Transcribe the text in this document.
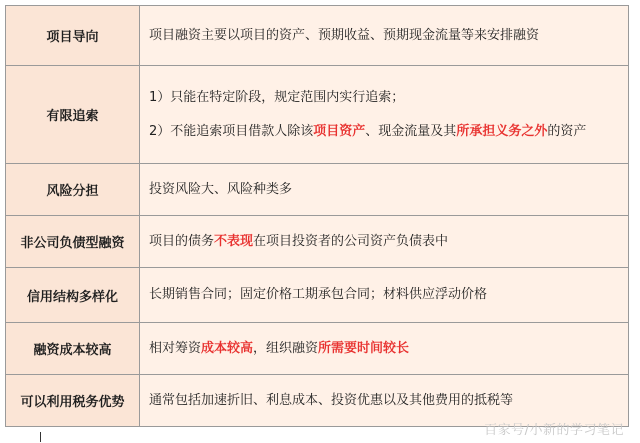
项目导向	项目融资主要以项目的资产、预期收益、预期现金流量等来安排融资

有限追索	1）只能在特定阶段，规定范围内实行追索；
2）不能追索项目借款人除该项目资产、现金流量及其所承担义务之外的资产

风险分担	投资风险大、风险种类多

非公司负债型融资	项目的债务不表现在项目投资者的公司资产负债表中

信用结构多样化	长期销售合同；固定价格工期承包合同；材料供应浮动价格

融资成本较高	相对筹资成本较高，组织融资所需要时间较长

可以利用税务优势	通常包括加速折旧、利息成本、投资优惠以及其他费用的抵税等
百家号/小新的学习笔记
